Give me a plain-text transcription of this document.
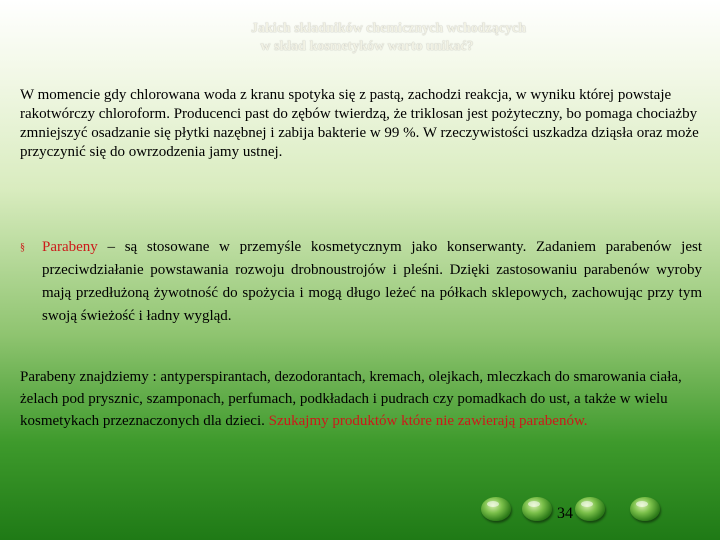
Jakich składników chemicznych wchodzących
w skład kosmetyków warto unikać?
W momencie gdy chlorowana woda z kranu spotyka się z pastą, zachodzi reakcja, w wyniku której powstaje rakotwórczy chloroform. Producenci past do zębów twierdzą, że triklosan jest pożyteczny, bo pomaga chociażby zmniejszyć osadzanie się płytki nazębnej i zabija bakterie w 99 %. W rzeczywistości uszkadza dziąsła oraz może przyczynić się do owrzodzenia jamy ustnej.
§	Parabeny – są stosowane w przemyśle kosmetycznym jako konserwanty. Zadaniem parabenów jest przeciwdziałanie powstawania rozwoju drobnoustrojów i pleśni. Dzięki zastosowaniu parabenów wyroby mają przedłużoną żywotność do spożycia i mogą długo leżeć na półkach sklepowych, zachowując przy tym swoją świeżość i ładny wygląd.
Parabeny znajdziemy : antyperspirantach, dezodorantach, kremach, olejkach, mleczkach do smarowania ciała, żelach pod prysznic, szamponach, perfumach, podkładach i pudrach czy pomadkach do ust, a także w wielu kosmetykach przeznaczonych dla dzieci. Szukajmy produktów które nie zawierają parabenów.
34
